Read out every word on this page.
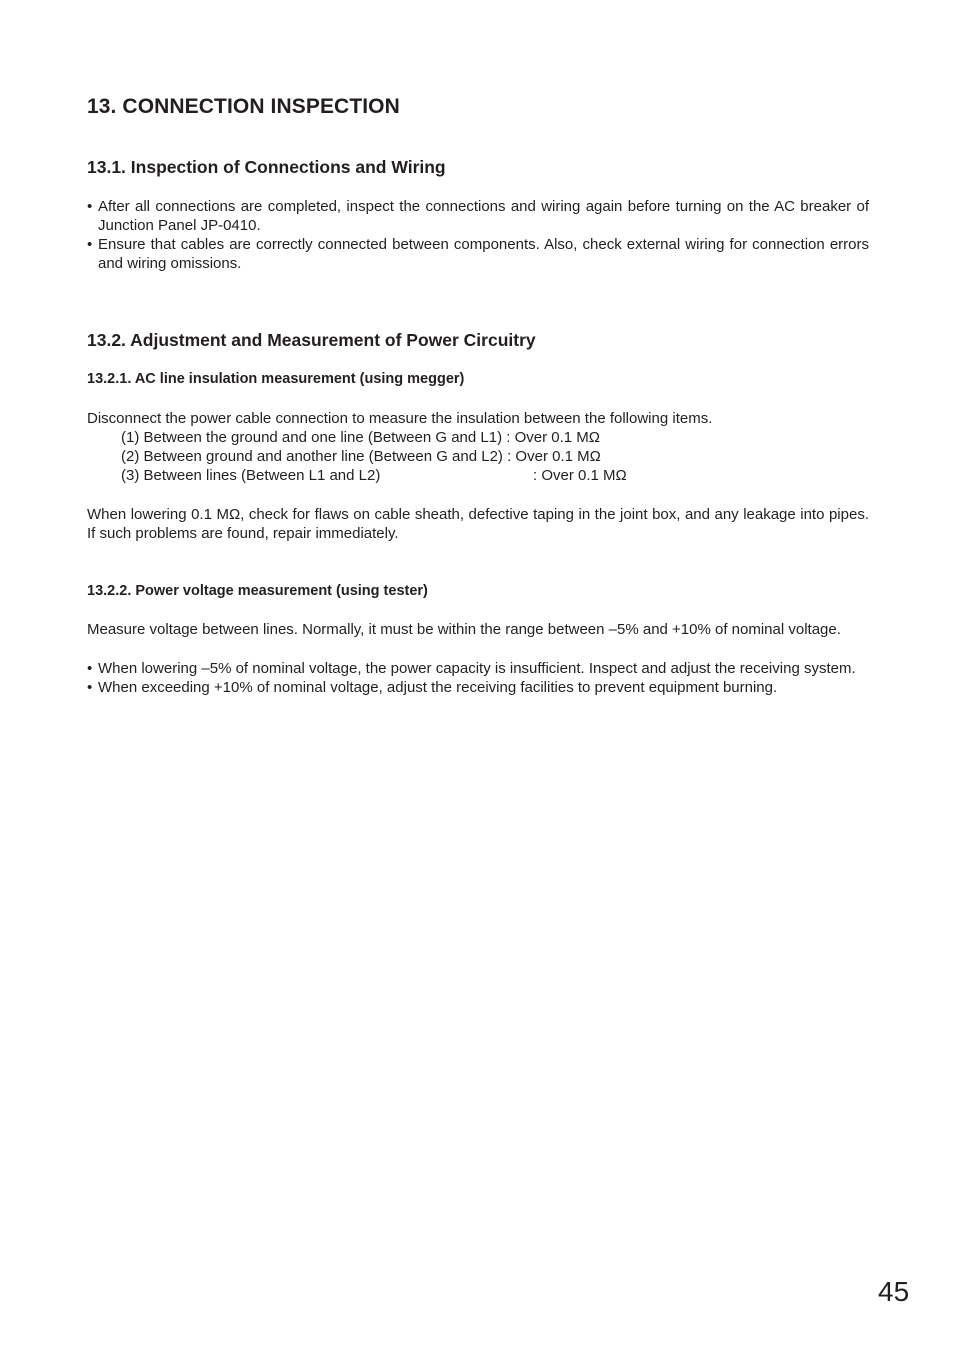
13. CONNECTION INSPECTION
13.1. Inspection of Connections and Wiring
• After all connections are completed, inspect the connections and wiring again before turning on the AC breaker of Junction Panel JP-0410.
• Ensure that cables are correctly connected between components. Also, check external wiring for connection errors and wiring omissions.
13.2. Adjustment and Measurement of Power Circuitry
13.2.1. AC line insulation measurement (using megger)

Disconnect the power cable connection to measure the insulation between the following items.

(1) Between the ground and one line (Between G and L1) : Over 0.1 MΩ
(2) Between ground and another line (Between G and L2) : Over 0.1 MΩ
(3) Between lines (Between L1 and L2)	: Over 0.1 MΩ

When lowering 0.1 MΩ, check for flaws on cable sheath, defective taping in the joint box, and any leakage into pipes. If such problems are found, repair immediately.

13.2.2. Power voltage measurement (using tester)

Measure voltage between lines. Normally, it must be within the range between –5% and +10% of nominal voltage.

• When lowering –5% of nominal voltage, the power capacity is insufficient. Inspect and adjust the receiving system.
• When exceeding +10% of nominal voltage, adjust the receiving facilities to prevent equipment burning.
45
